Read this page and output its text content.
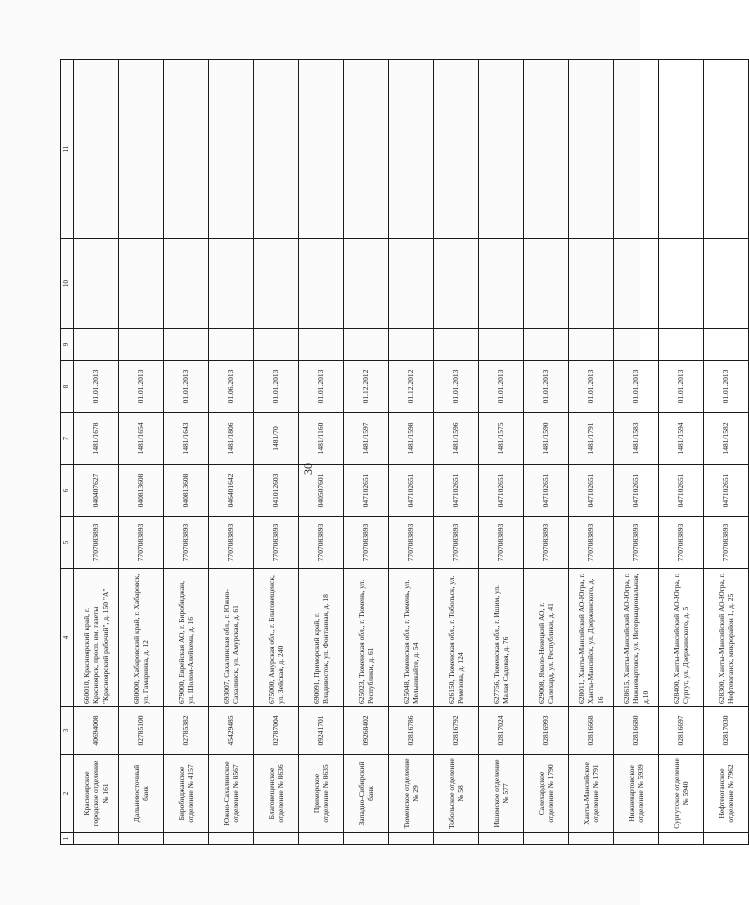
30
1	2	3	4	5	6	7	8	9	10	11
	Красноярское городское отделение № 161	40694008	660010, Красноярский край, г. Красноярск, просп. им. газеты "Красноярский рабочий", д. 150 "А"	7707083893	040407627	1481/1678	01.01.2013			
	Дальневосточный банк	02785100	680000, Хабаровский край, г. Хабаровск, ул. Гамарника, д. 12	7707083893	040813608	1481/1654	01.01.2013			
	Биробиджанское отделение № 4157	02785382	679000, Еврейская АО, г. Биробиджан, ул. Шолом-Алейхема, д. 16	7707083893	040813608	1481/1643	01.01.2013			
	Южно-Сахалинское отделение № 8567	45429485	693007, Сахалинская обл., г. Южно-Сахалинск, ул. Амурская, д. 61	7707083893	046401642	1481/1806	01.06.2013			
	Благовещенское отделение № 8636	02787004	675000, Амурская обл., г. Благовещенск, ул. Зейская, д. 240	7707083893	041012603	1481/70	01.01.2013			
	Приморское отделение № 8635	09241701	690091, Приморский край, г. Владивосток, ул. Фонтанная, д. 18	7707083893	040507601	1481/1160	01.01.2013			
	Западно-Сибирский банк	09268402	625023, Тюменская обл., г. Тюмень, ул. Республики, д. 61	7707083893	047102651	1481/1597	01.12.2012			
	Тюменское отделение № 29	02816786	625048, Тюменская обл., г. Тюмень, ул. Мельникайте, д. 54	7707083893	047102651	1481/1598	01.12.2012			
	Тобольское отделение № 58	02816792	626150, Тюменская обл., г. Тобольск, ул. Ремезова, д. 124	7707083893	047102651	1481/1596	01.01.2013			
	Ишимское отделение № 577	02817024	627756, Тюменская обл., г. Ишим, ул. Малая Садовая, д. 76	7707083893	047102651	1481/1575	01.01.2013			
	Салехардское отделение № 1790	02816993	629008, Ямало-Ненецкий АО, г. Салехард, ул. Республики, д. 41	7707083893	047102651	1481/1590	01.01.2013			
	Ханты-Мансийское отделение № 1791	02816668	628011, Ханты-Мансийский АО-Югра, г. Ханты-Мансийск, ул. Дзержинского, д. 16	7707083893	047102651	1481/1791	01.01.2013			
	Нижневартовское отделение № 5939	02816680	628615, Ханты-Мансийский АО-Югра, г. Нижневартовск, ул. Интернациональная, д.10	7707083893	047102651	1481/1583	01.01.2013			
	Сургутское отделение № 5940	02816697	628400, Ханты-Мансийский АО-Югра, г. Сургут, ул. Дзержинского, д. 5	7707083893	047102651	1481/1594	01.01.2013			
	Нефтеюганское отделение № 7962	02817030	628300, Ханты-Мансийский АО-Югра, г. Нефтеюганск, микрорайон 1, д. 25	7707083893	047102651	1481/1582	01.01.2013			
